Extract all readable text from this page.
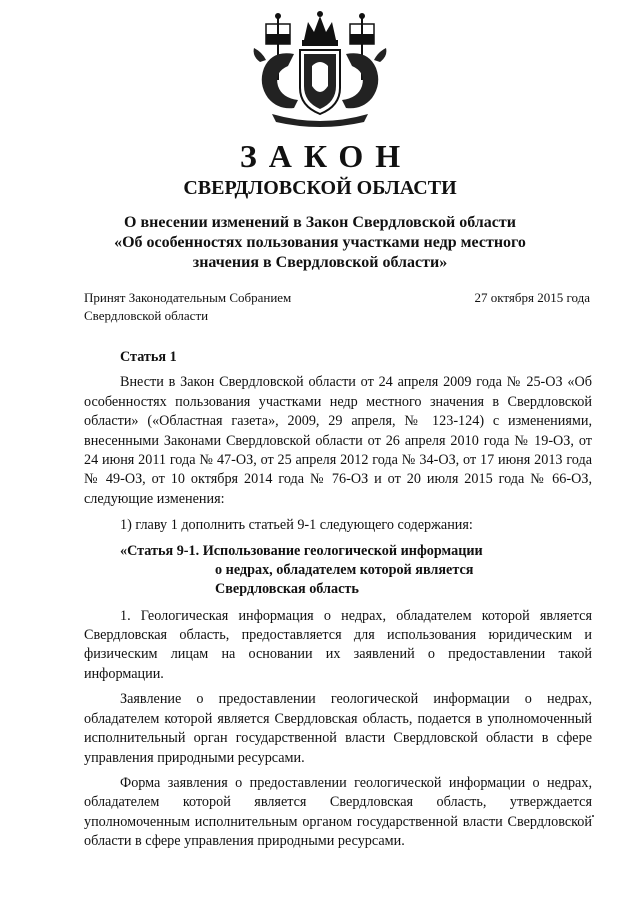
ЗАКОН
СВЕРДЛОВСКОЙ ОБЛАСТИ
О внесении изменений в Закон Свердловской области
«Об особенностях пользования участками недр местного
значения в Свердловской области»
Принят Законодательным Собранием
Свердловской области
27 октября 2015 года
Статья 1

Внести в Закон Свердловской области от 24 апреля 2009 года № 25-ОЗ «Об особенностях пользования участками недр местного значения в Свердловской области» («Областная газета», 2009, 29 апреля, № 123-124) с изменениями, внесенными Законами Свердловской области от 26 апреля 2010 года № 19-ОЗ, от 24 июня 2011 года № 47-ОЗ, от 25 апреля 2012 года № 34-ОЗ, от 17 июня 2013 года № 49-ОЗ, от 10 октября 2014 года № 76-ОЗ и от 20 июля 2015 года № 66-ОЗ, следующие изменения:

1) главу 1 дополнить статьей 9-1 следующего содержания:

«Статья 9-1. Использование геологической информации
о недрах, обладателем которой является
Свердловская область

1. Геологическая информация о недрах, обладателем которой является Свердловская область, предоставляется для использования юридическим и физическим лицам на основании их заявлений о предоставлении такой информации.

Заявление о предоставлении геологической информации о недрах, обладателем которой является Свердловская область, подается в уполномоченный исполнительный орган государственной власти Свердловской области в сфере управления природными ресурсами.

Форма заявления о предоставлении геологической информации о недрах, обладателем которой является Свердловская область, утверждается уполномоченным исполнительным органом государственной власти Свердловской области в сфере управления природными ресурсами.
